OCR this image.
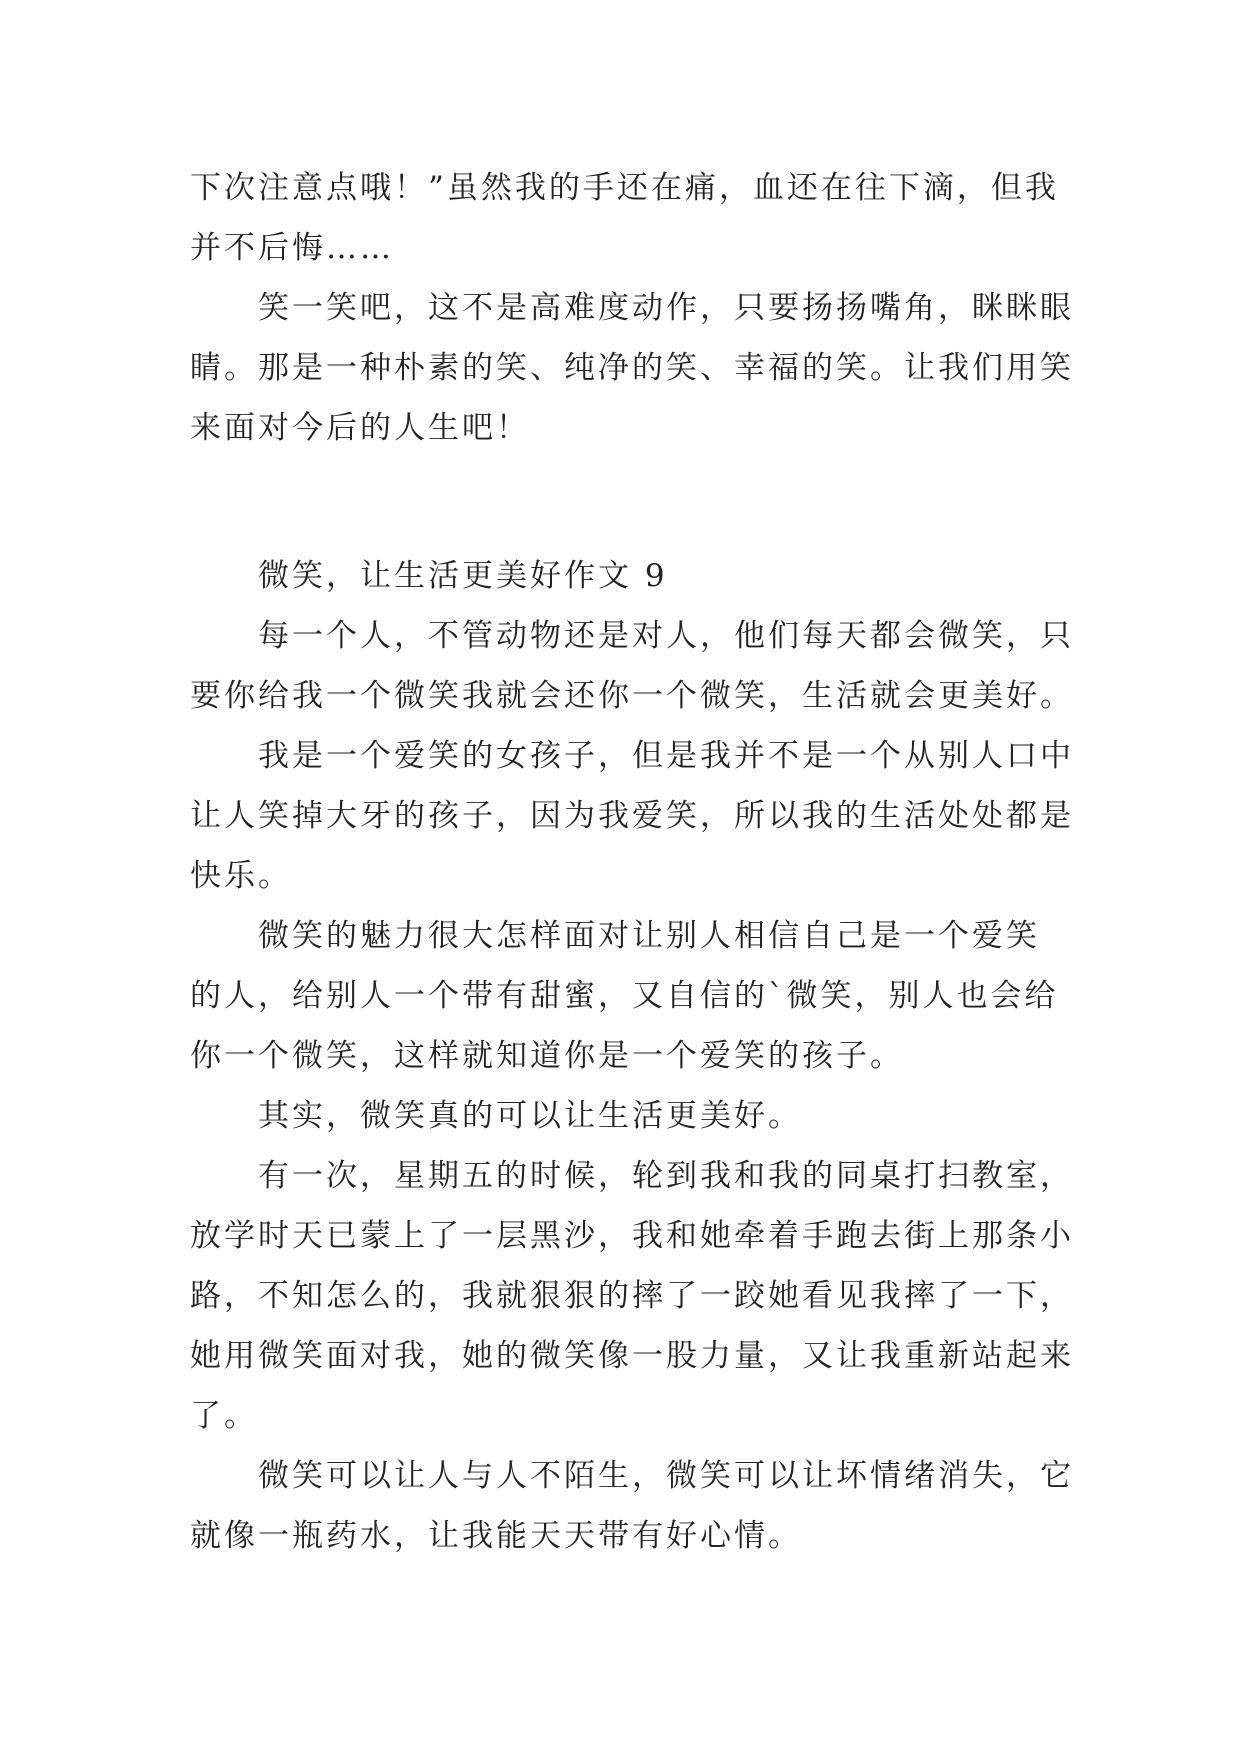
下次注意点哦！”虽然我的手还在痛，血还在往下滴，但我
并不后悔……
笑一笑吧，这不是高难度动作，只要扬扬嘴角，眯眯眼
睛。那是一种朴素的笑、纯净的笑、幸福的笑。让我们用笑
来面对今后的人生吧！
微笑，让生活更美好作文 9
每一个人，不管动物还是对人，他们每天都会微笑，只
要你给我一个微笑我就会还你一个微笑，生活就会更美好。
我是一个爱笑的女孩子，但是我并不是一个从别人口中
让人笑掉大牙的孩子，因为我爱笑，所以我的生活处处都是
快乐。
微笑的魅力很大怎样面对让别人相信自己是一个爱笑
的人，给别人一个带有甜蜜，又自信的`微笑，别人也会给
你一个微笑，这样就知道你是一个爱笑的孩子。
其实，微笑真的可以让生活更美好。
有一次，星期五的时候，轮到我和我的同桌打扫教室，
放学时天已蒙上了一层黑沙，我和她牵着手跑去街上那条小
路，不知怎么的，我就狠狠的摔了一跤她看见我摔了一下，
她用微笑面对我，她的微笑像一股力量，又让我重新站起来
了。
微笑可以让人与人不陌生，微笑可以让坏情绪消失，它
就像一瓶药水，让我能天天带有好心情。
